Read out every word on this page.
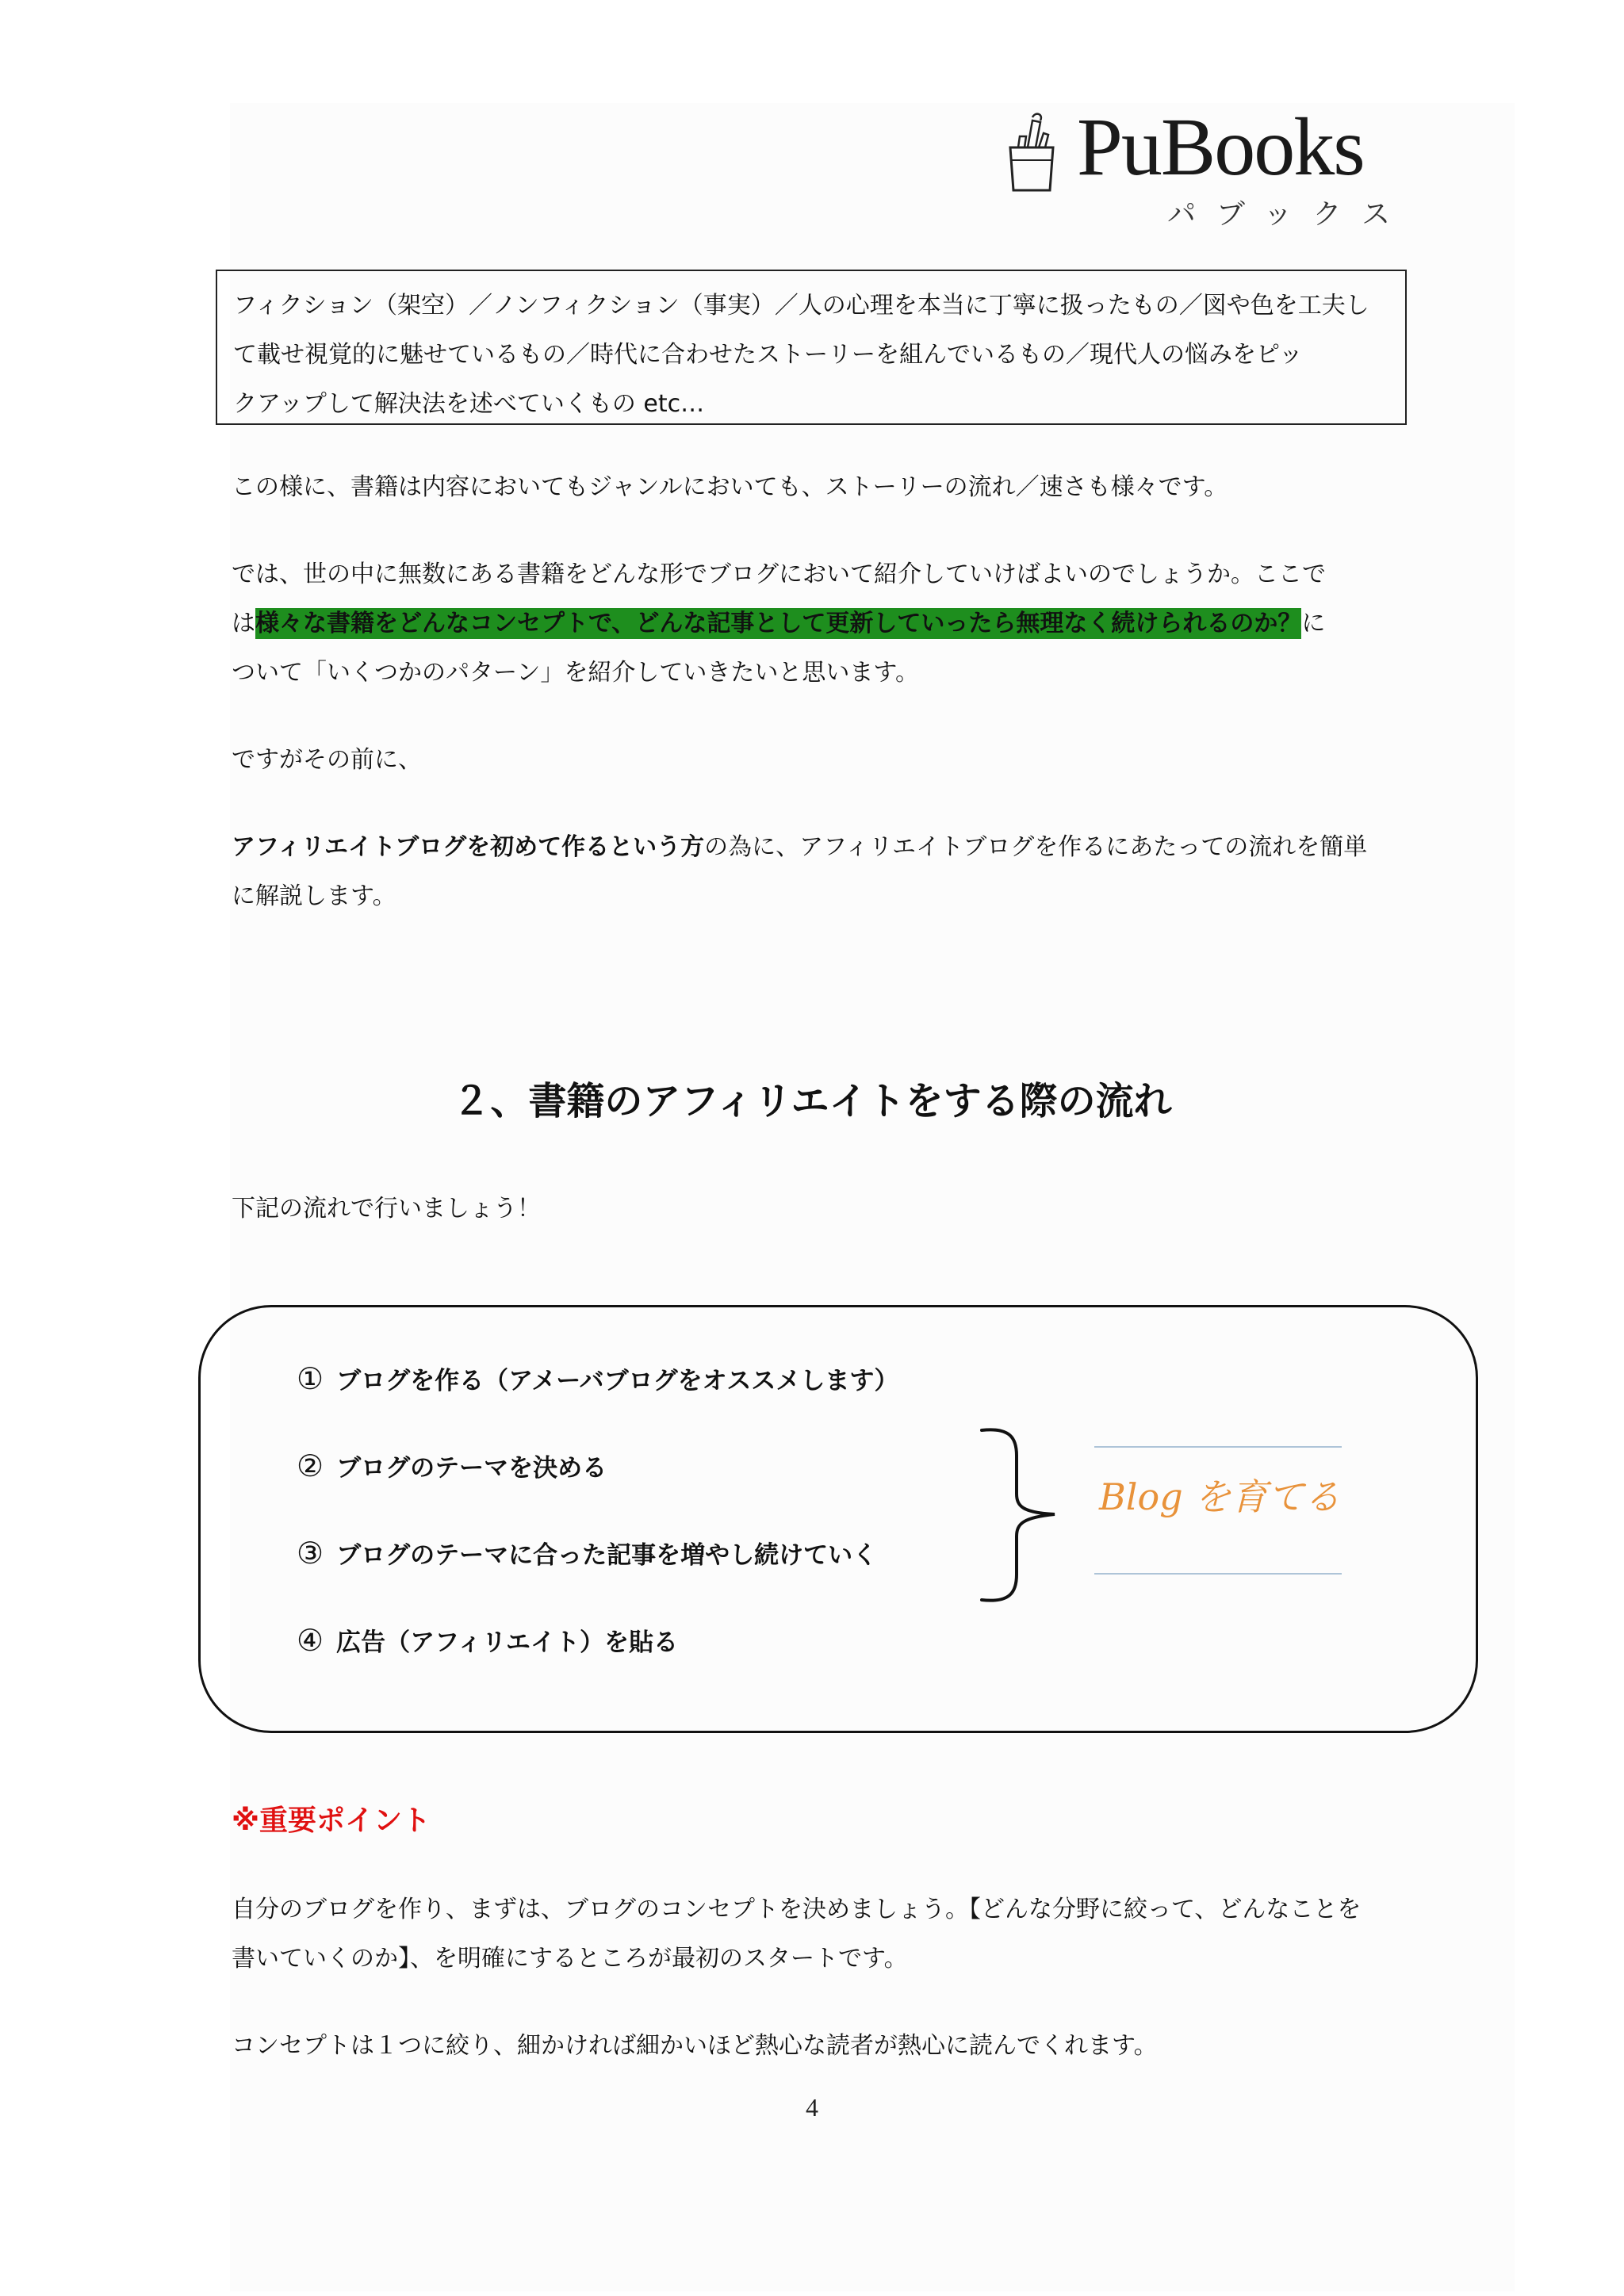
PuBooks
パブックス
フィクション（架空）／ノンフィクション（事実）／人の心理を本当に丁寧に扱ったもの／図や色を工夫し
て載せ視覚的に魅せているもの／時代に合わせたストーリーを組んでいるもの／現代人の悩みをピッ
クアップして解決法を述べていくもの etc…
この様に、書籍は内容においてもジャンルにおいても、ストーリーの流れ／速さも様々です。
では、世の中に無数にある書籍をどんな形でブログにおいて紹介していけばよいのでしょうか。ここで
は様々な書籍をどんなコンセプトで、どんな記事として更新していったら無理なく続けられるのか？に
ついて「いくつかのパターン」を紹介していきたいと思います。
ですがその前に、
アフィリエイトブログを初めて作るという方の為に、アフィリエイトブログを作るにあたっての流れを簡単
に解説します。
２、書籍のアフィリエイトをする際の流れ
下記の流れで行いましょう！
① ブログを作る（アメーバブログをオススメします）
② ブログのテーマを決める
③ ブログのテーマに合った記事を増やし続けていく
④ 広告（アフィリエイト）を貼る
Blog を育てる
※重要ポイント
自分のブログを作り、まずは、ブログのコンセプトを決めましょう。【どんな分野に絞って、どんなことを
書いていくのか】、を明確にするところが最初のスタートです。
コンセプトは１つに絞り、細かければ細かいほど熱心な読者が熱心に読んでくれます。
4
